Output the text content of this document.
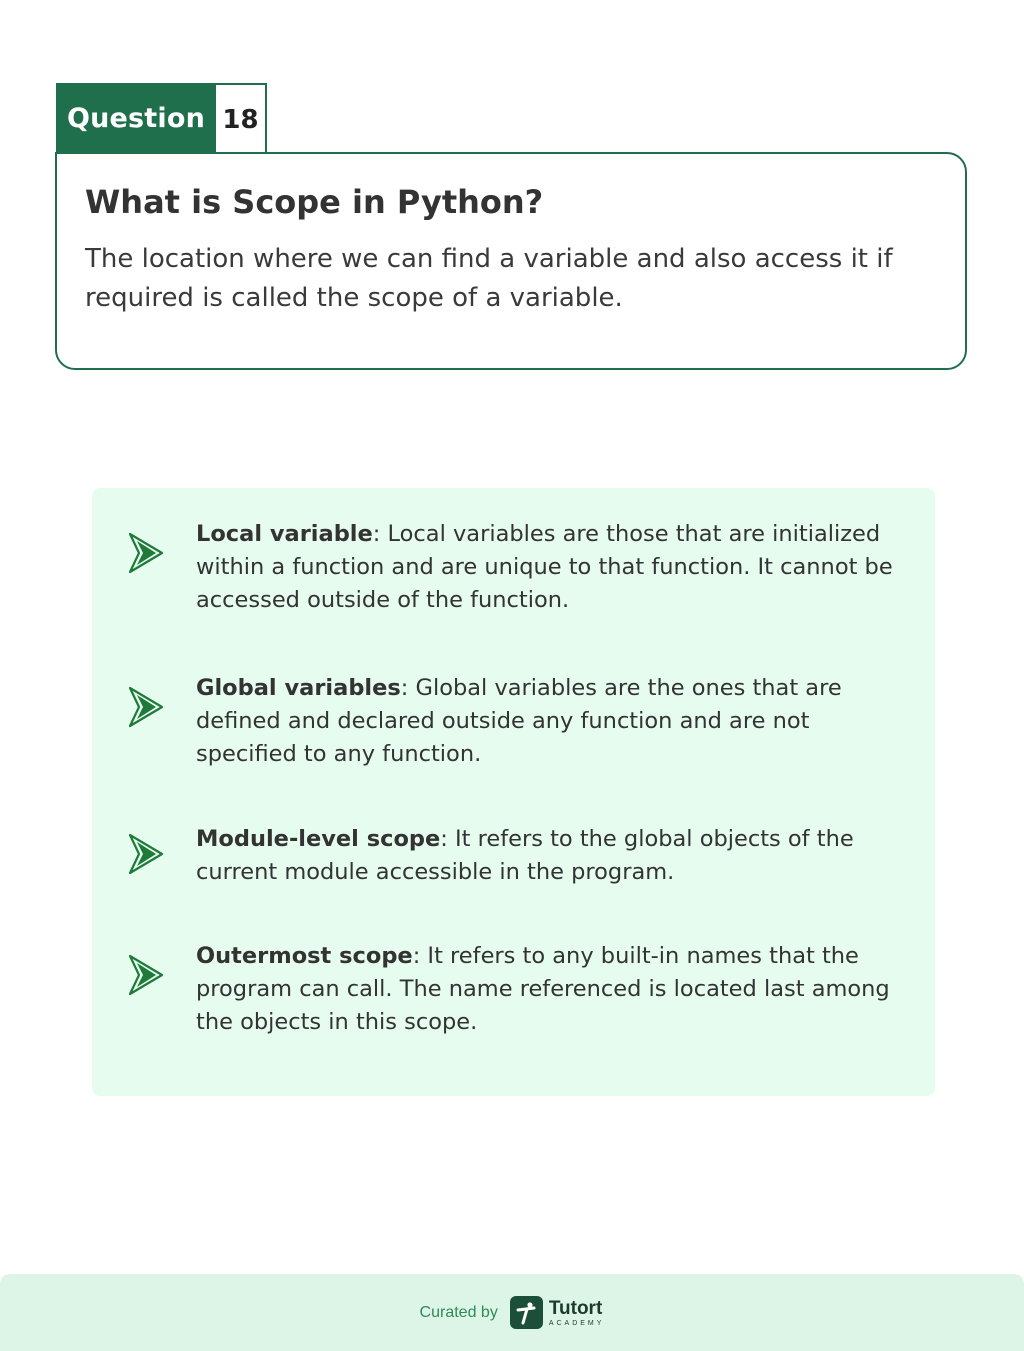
Question 18
What is Scope in Python?
The location where we can find a variable and also access it if required is called the scope of a variable.
Local variable: Local variables are those that are initialized within a function and are unique to that function. It cannot be accessed outside of the function.
Global variables: Global variables are the ones that are defined and declared outside any function and are not specified to any function.
Module-level scope: It refers to the global objects of the current module accessible in the program.
Outermost scope: It refers to any built-in names that the program can call. The name referenced is located last among the objects in this scope.
Curated by	Tutort
ACADEMY
